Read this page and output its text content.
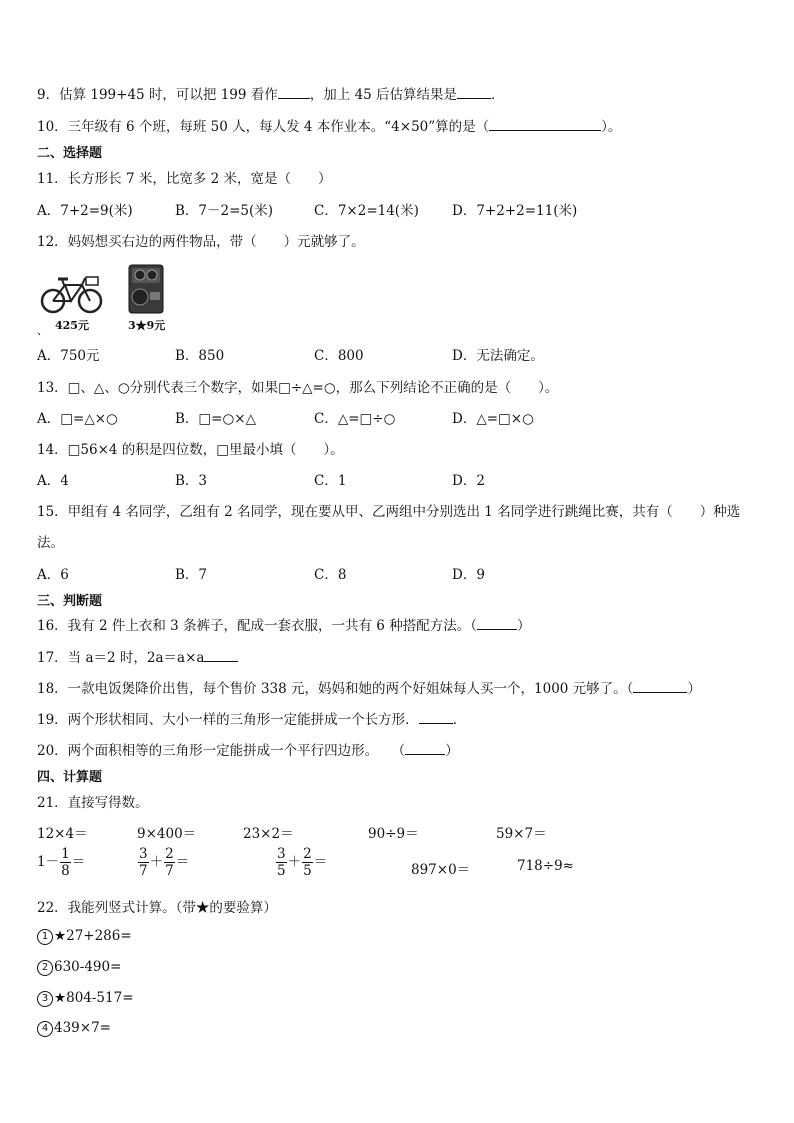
9．估算 199+45 时，可以把 199 看作 ，加上 45 后估算结果是	．
10．三年级有 6 个班，每班 50 人，每人发 4 本作业本。“4×50”算的是（	）。
二、选择题
11．长方形长 7 米，比宽多 2 米，宽是（　　）
A．7+2=9(米)	B．7－2=5(米)	C．7×2=14(米) D．7+2+2=11(米)
12．妈妈想买右边的两件物品，带（　　）元就够了。
425元
、	3★9元
A．750元	B．850	C．800	D．无法确定。
13．□、△、○分别代表三个数字，如果□÷△=○，那么下列结论不正确的是（　　）。
A．□=△×○	B．□=○×△	C．△=□÷○	D．△=□×○
14．□56×4 的积是四位数，□里最小填（　　）。
A．4	B．3	C．1	D．2
15．甲组有 4 名同学，乙组有 2 名同学，现在要从甲、乙两组中分别选出 1 名同学进行跳绳比赛，共有（　　）种选
法。
A．6	B．7	C．8	D．9
三、判断题
16．我有 2 件上衣和 3 条裤子，配成一套衣服，一共有 6 种搭配方法。（	）
17．当 a＝2 时，2a＝a×a
18．一款电饭煲降价出售，每个售价 338 元，妈妈和她的两个好姐妹每人买一个，1000 元够了。（	）
19．两个形状相同、大小一样的三角形一定能拼成一个长方形．	．
20．两个面积相等的三角形一定能拼成一个平行四边形。　　（	）
四、计算题
21．直接写得数。
12×4＝	9×400＝	23×2＝	90÷9＝	59×7＝
$1- \frac{1}{8}$ ＝	$\frac{3}{7} + \frac{2}{7}$ ＝	$\frac{3}{5} + \frac{2}{5}$ ＝	897×0＝	718÷9≈
22．我能列竖式计算。（带★的要验算）
1 ★27+286=
2 630-490=
3 ★804-517=
4 439×7=
